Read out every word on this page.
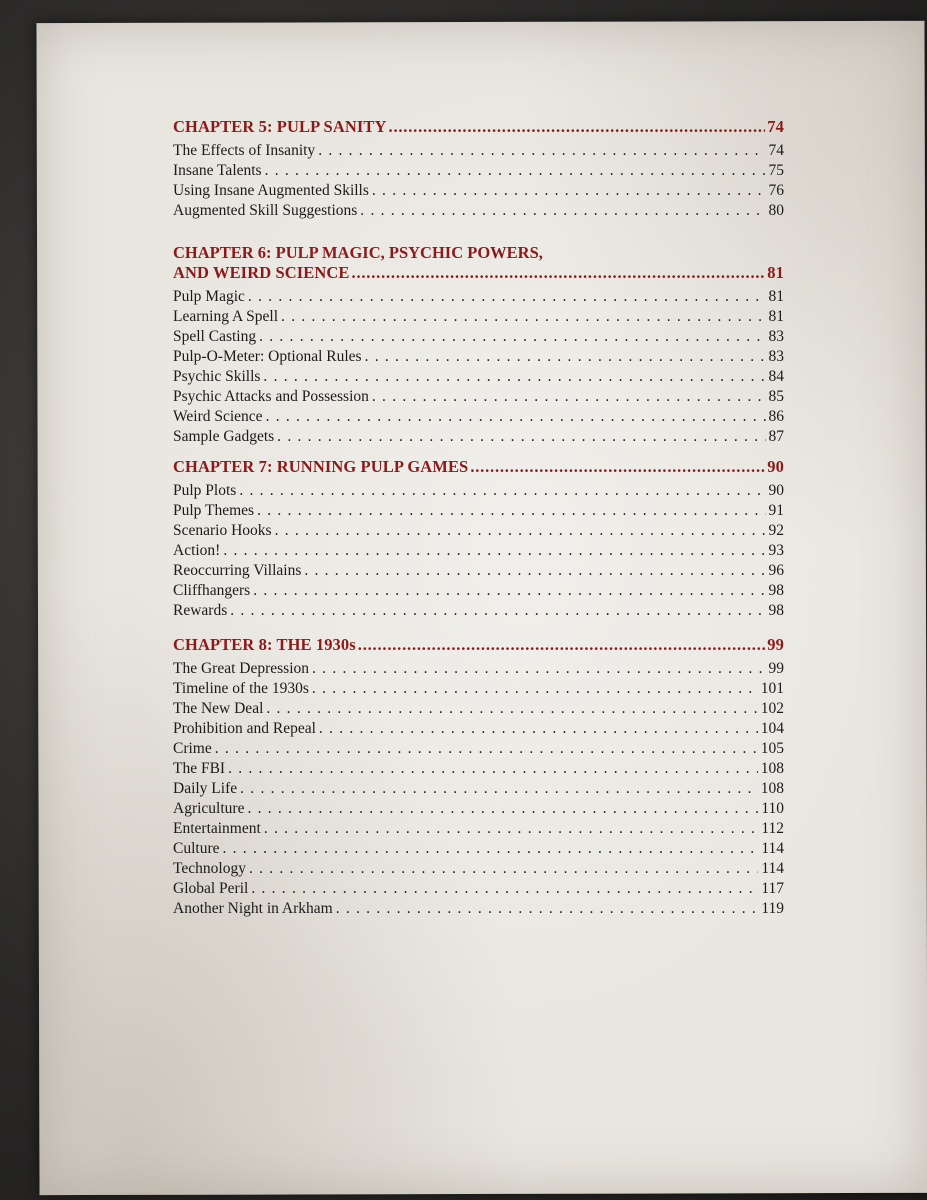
CHAPTER 5: PULP SANITY .....	74
The Effects of Insanity . . .	74
Insane Talents . . .	75
Using Insane Augmented Skills . . .	76
Augmented Skill Suggestions . . .	80
CHAPTER 6: PULP MAGIC, PSYCHIC POWERS,
AND WEIRD SCIENCE .....	81
Pulp Magic . . .	81
Learning A Spell . . .	81
Spell Casting . . .	83
Pulp-O-Meter: Optional Rules . . .	83
Psychic Skills . . .	84
Psychic Attacks and Possession . . .	85
Weird Science . . .	86
Sample Gadgets . . .	87
CHAPTER 7: RUNNING PULP GAMES .....	90
Pulp Plots . . .	90
Pulp Themes . . .	91
Scenario Hooks . . .	92
Action! . . .	93
Reoccurring Villains . . .	96
Cliffhangers . . .	98
Rewards . . .	98
CHAPTER 8: THE 1930s .....	99
The Great Depression . . .	99
Timeline of the 1930s . . .	101
The New Deal . . .	102
Prohibition and Repeal . . .	104
Crime . . .	105
The FBI . . .	108
Daily Life . . .	108
Agriculture . . .	110
Entertainment . . .	112
Culture . . .	114
Technology . . .	114
Global Peril . . .	117
Another Night in Arkham . . .	119
